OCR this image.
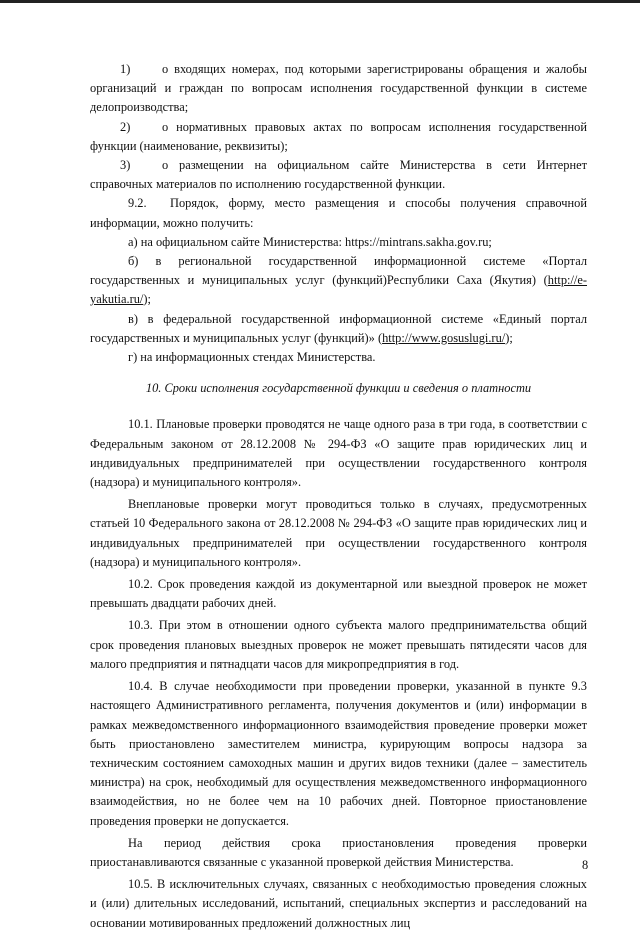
1)	о входящих номерах, под которыми зарегистрированы обращения и жалобы организаций и граждан по вопросам исполнения государственной функции в системе делопроизводства;

2)	о нормативных правовых актах по вопросам исполнения государственной функции (наименование, реквизиты);

3)	о размещении на официальном сайте Министерства в сети Интернет справочных материалов по исполнению государственной функции.

9.2. Порядок, форму, место размещения и способы получения справочной информации, можно получить:

а) на официальном сайте Министерства: https://mintrans.sakha.gov.ru;

б) в региональной государственной информационной системе «Портал государственных и муниципальных услуг (функций)Республики Саха (Якутия) (http://e-yakutia.ru/);

в) в федеральной государственной информационной системе «Единый портал государственных и муниципальных услуг (функций)» (http://www.gosuslugi.ru/);

г) на информационных стендах Министерства.

10. Сроки исполнения государственной функции и сведения о платности

10.1. Плановые проверки проводятся не чаще одного раза в три года, в соответствии с Федеральным законом от 28.12.2008 № 294-ФЗ «О защите прав юридических лиц и индивидуальных предпринимателей при осуществлении государственного контроля (надзора) и муниципального контроля».

Внеплановые проверки могут проводиться только в случаях, предусмотренных статьей 10 Федерального закона от 28.12.2008 № 294-ФЗ «О защите прав юридических лиц и индивидуальных предпринимателей при осуществлении государственного контроля (надзора) и муниципального контроля».

10.2. Срок проведения каждой из документарной или выездной проверок не может превышать двадцати рабочих дней.

10.3. При этом в отношении одного субъекта малого предпринимательства общий срок проведения плановых выездных проверок не может превышать пятидесяти часов для малого предприятия и пятнадцати часов для микропредприятия в год.

10.4. В случае необходимости при проведении проверки, указанной в пункте 9.3 настоящего Административного регламента, получения документов и (или) информации в рамках межведомственного информационного взаимодействия проведение проверки может быть приостановлено заместителем министра, курирующим вопросы надзора за техническим состоянием самоходных машин и других видов техники (далее – заместитель министра) на срок, необходимый для осуществления межведомственного информационного взаимодействия, но не более чем на 10 рабочих дней. Повторное приостановление проведения проверки не допускается.

На период действия срока приостановления проведения проверки приостанавливаются связанные с указанной проверкой действия Министерства.

10.5. В исключительных случаях, связанных с необходимостью проведения сложных и (или) длительных исследований, испытаний, специальных экспертиз и расследований на основании мотивированных предложений должностных лиц

8
